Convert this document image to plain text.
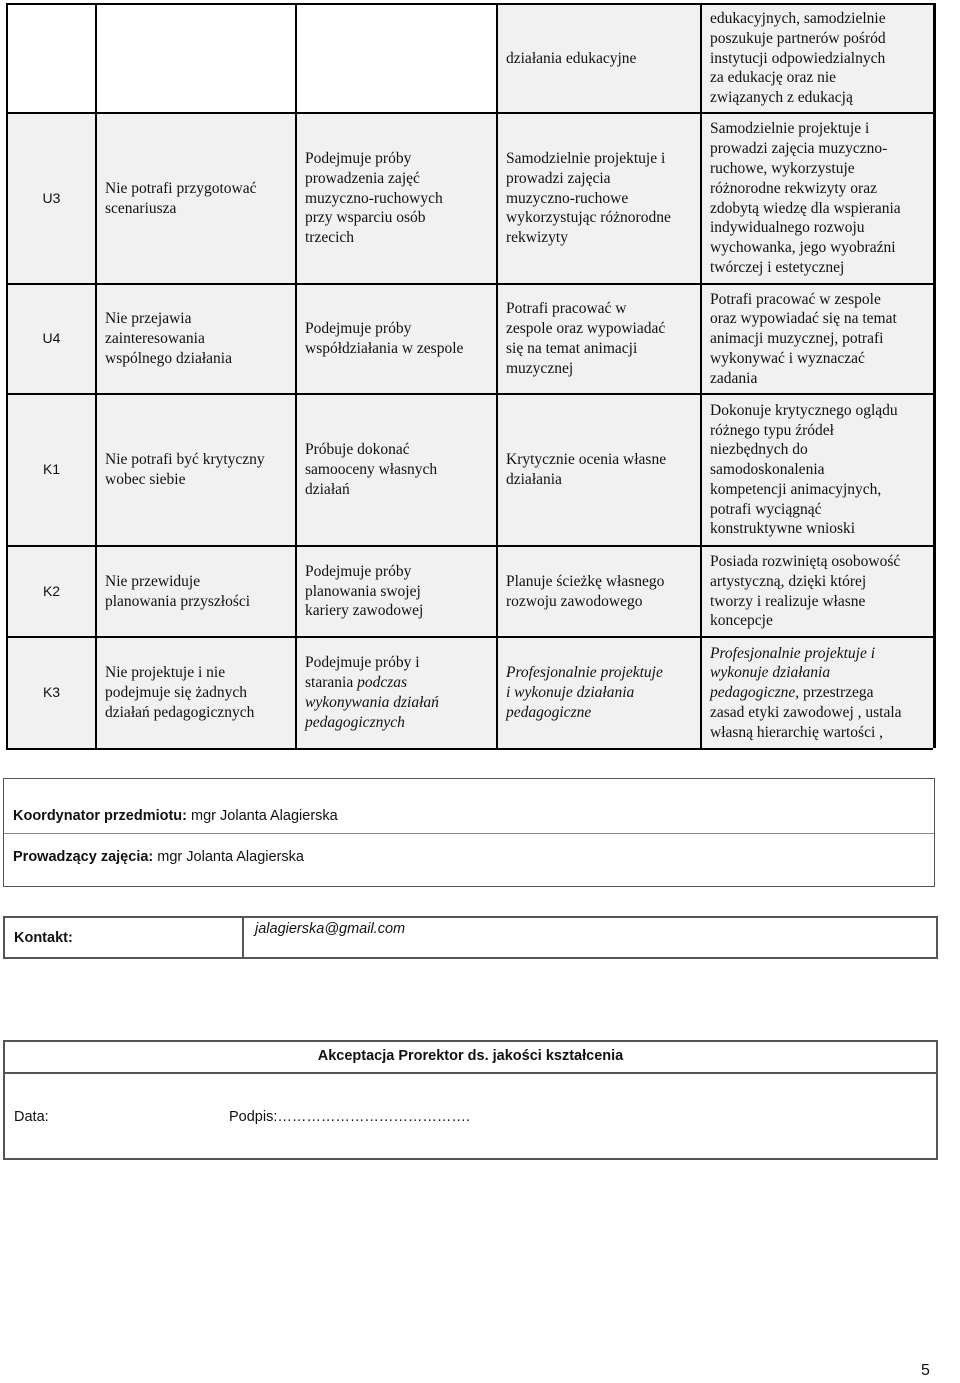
działania edukacyjne
edukacyjnych, samodzielnie
poszukuje partnerów pośród
instytucji odpowiedzialnych
za edukację oraz nie
związanych z edukacją
U3
Nie potrafi przygotować
scenariusza
Podejmuje próby
prowadzenia zajęć
muzyczno-ruchowych
przy wsparciu osób
trzecich
Samodzielnie projektuje i
prowadzi zajęcia
muzyczno-ruchowe
wykorzystując różnorodne
rekwizyty
Samodzielnie projektuje i
prowadzi zajęcia muzyczno-
ruchowe, wykorzystuje
różnorodne rekwizyty oraz
zdobytą wiedzę dla wspierania
indywidualnego rozwoju
wychowanka, jego wyobraźni
twórczej i estetycznej
U4
Nie przejawia
zainteresowania
wspólnego działania
Podejmuje próby
współdziałania w zespole
Potrafi pracować w
zespole oraz wypowiadać
się na temat animacji
muzycznej
Potrafi pracować w zespole
oraz wypowiadać się na temat
animacji muzycznej, potrafi
wykonywać i wyznaczać
zadania
K1
Nie potrafi być krytyczny
wobec siebie
Próbuje dokonać
samooceny własnych
działań
Krytycznie ocenia własne
działania
Dokonuje krytycznego oglądu
różnego typu źródeł
niezbędnych do
samodoskonalenia
kompetencji animacyjnych,
potrafi wyciągnąć
konstruktywne wnioski
K2
Nie przewiduje
planowania przyszłości
Podejmuje próby
planowania swojej
kariery zawodowej
Planuje ścieżkę własnego
rozwoju zawodowego
Posiada rozwiniętą osobowość
artystyczną, dzięki której
tworzy i realizuje własne
koncepcje
K3
Nie projektuje i nie
podejmuje się żadnych
działań pedagogicznych
Podejmuje próby i
starania podczas
wykonywania działań
pedagogicznych
Profesjonalnie projektuje
i wykonuje działania
pedagogiczne
Profesjonalnie projektuje i
wykonuje działania
pedagogiczne, przestrzega
zasad etyki zawodowej , ustala
własną hierarchię wartości ,
Koordynator przedmiotu: mgr Jolanta Alagierska
Prowadzący zajęcia: mgr Jolanta Alagierska
Kontakt:
jalagierska@gmail.com
Akceptacja Prorektor ds. jakości kształcenia
Data:	Podpis:………………………………….
5
